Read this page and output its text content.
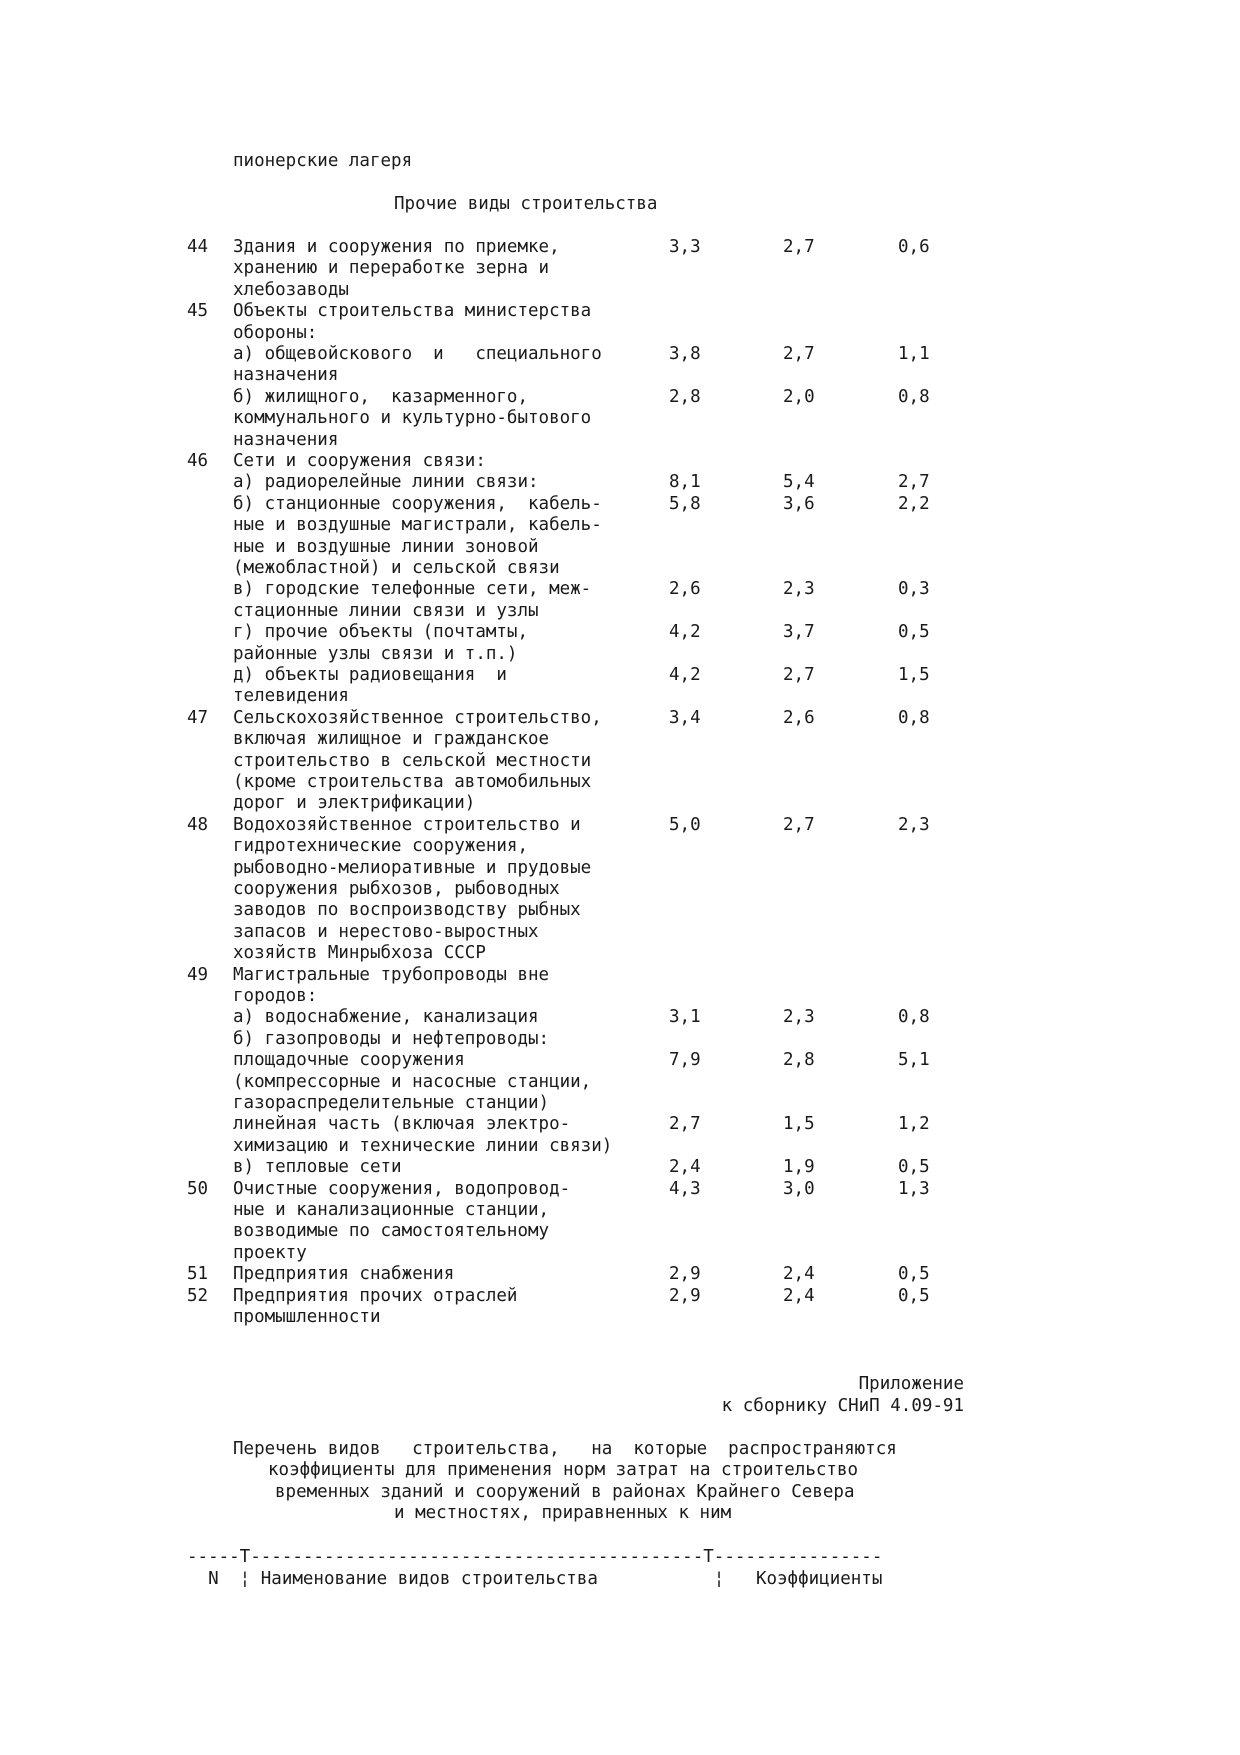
пионерские лагеря
Прочие виды строительства
44 Здания и сооружения по приемке,
хранению и переработке зерна и
хлебозаводы
3,3	2,7	0,6
45 Объекты строительства министерства
обороны:
а) общевойскового  и   специального
назначения
3,8	2,7	1,1
б) жилищного,  казарменного,
коммунального и культурно-бытового
назначения
2,8	2,0	0,8
46 Сети и сооружения связи:
а) радиорелейные линии связи:	8,1	5,4	2,7
б) станционные сооружения,  кабель-
ные и воздушные магистрали, кабель-
ные и воздушные линии зоновой
(межобластной) и сельской связи
5,8	3,6	2,2
в) городские телефонные сети, меж-
стационные линии связи и узлы
2,6	2,3	0,3
г) прочие объекты (почтамты,
районные узлы связи и т.п.)
4,2	3,7	0,5
д) объекты радиовещания  и
телевидения
4,2	2,7	1,5
47 Сельскохозяйственное строительство,
включая жилищное и гражданское
строительство в сельской местности
(кроме строительства автомобильных
дорог и электрификации)
3,4	2,6	0,8
48 Водохозяйственное строительство и
гидротехнические сооружения,
рыбоводно-мелиоративные и прудовые
сооружения рыбхозов, рыбоводных
заводов по воспроизводству рыбных
запасов и нерестово-выростных
хозяйств Минрыбхоза СССР
5,0	2,7	2,3
49 Магистральные трубопроводы вне
городов:
а) водоснабжение, канализация	3,1	2,3	0,8
б) газопроводы и нефтепроводы:
площадочные сооружения
(компрессорные и насосные станции,
газораспределительные станции)
7,9	2,8	5,1
линейная часть (включая электро-
химизацию и технические линии связи)
2,7	1,5	1,2
в) тепловые сети	2,4	1,9	0,5
50 Очистные сооружения, водопровод-
ные и канализационные станции,
возводимые по самостоятельному
проекту
4,3	3,0	1,3
51 Предприятия снабжения	2,9	2,4	0,5
52 Предприятия прочих отраслей
промышленности
2,9	2,4	0,5
Приложение
к сборнику СНиП 4.09-91
Перечень видов   строительства,   на  которые  распространяются
коэффициенты для применения норм затрат на строительство
временных зданий и сооружений в районах Крайнего Севера
и местностях, приравненных к ним
-----T-------------------------------------------T----------------
N  ¦ Наименование видов строительства           ¦   Коэффициенты
